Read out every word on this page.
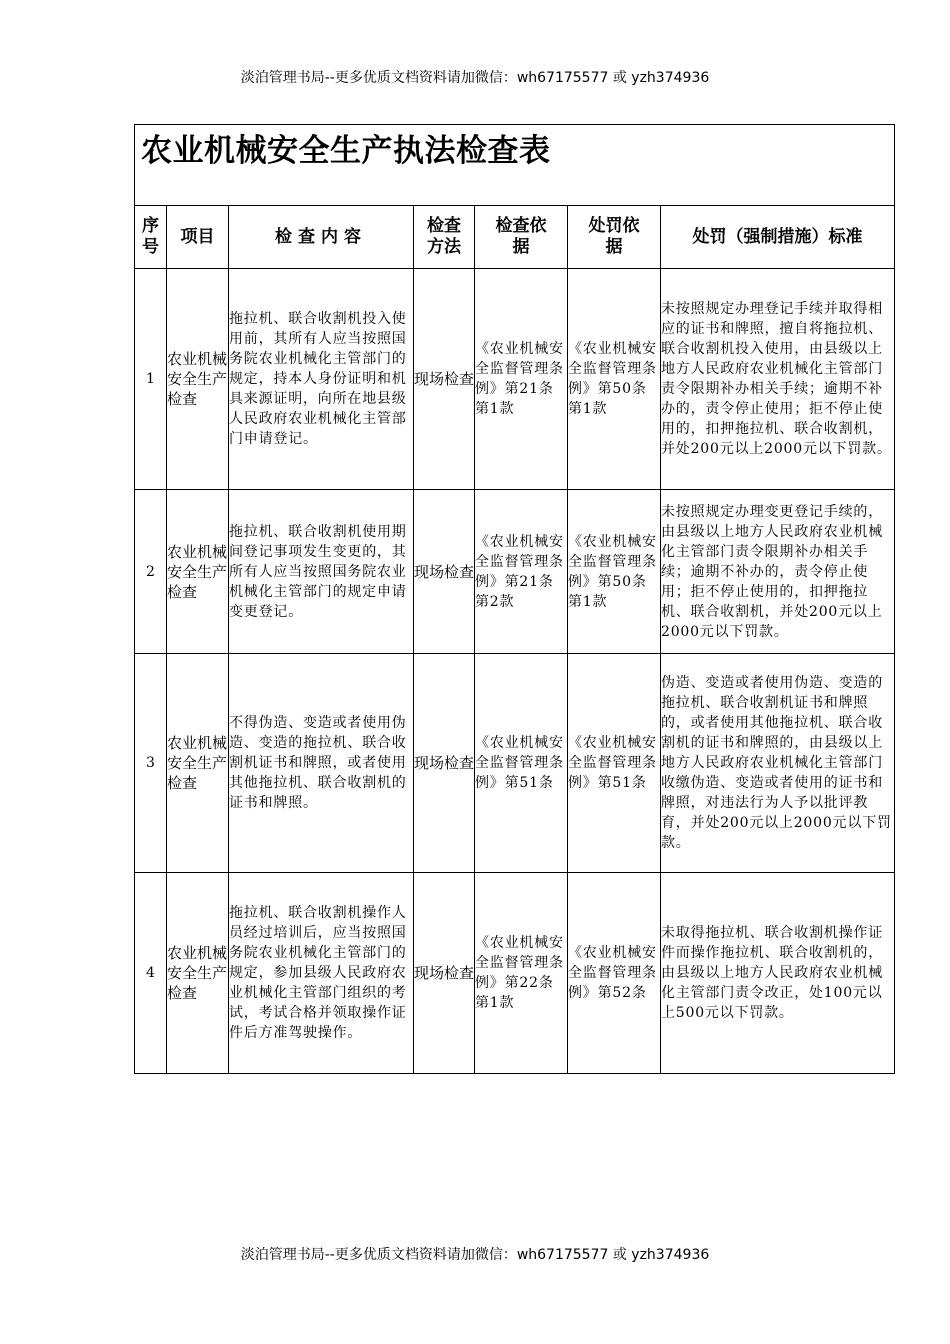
淡泊管理书局--更多优质文档资料请加微信：wh67175577 或 yzh374936
农业机械安全生产执法检查表						

序号	项目	检查内容	检查方法	检查依据	处罚依据	处罚（强制措施）标准
1	农业机械安全生产检查	拖拉机、联合收割机投入使用前，其所有人应当按照国务院农业机械化主管部门的规定，持本人身份证明和机具来源证明，向所在地县级人民政府农业机械化主管部门申请登记。	现场检查	《农业机械安全监督管理条例》第21条第1款	《农业机械安全监督管理条例》第50条第1款	未按照规定办理登记手续并取得相应的证书和牌照，擅自将拖拉机、联合收割机投入使用，由县级以上地方人民政府农业机械化主管部门责令限期补办相关手续；逾期不补办的，责令停止使用；拒不停止使用的，扣押拖拉机、联合收割机，并处200元以上2000元以下罚款。
2	农业机械安全生产检查	拖拉机、联合收割机使用期间登记事项发生变更的，其所有人应当按照国务院农业机械化主管部门的规定申请变更登记。	现场检查	《农业机械安全监督管理条例》第21条第2款	《农业机械安全监督管理条例》第50条第1款	未按照规定办理变更登记手续的，由县级以上地方人民政府农业机械化主管部门责令限期补办相关手续；逾期不补办的，责令停止使用；拒不停止使用的，扣押拖拉机、联合收割机，并处200元以上2000元以下罚款。
3	农业机械安全生产检查	不得伪造、变造或者使用伪造、变造的拖拉机、联合收割机证书和牌照，或者使用其他拖拉机、联合收割机的证书和牌照。	现场检查	《农业机械安全监督管理条例》第51条	《农业机械安全监督管理条例》第51条	伪造、变造或者使用伪造、变造的拖拉机、联合收割机证书和牌照的，或者使用其他拖拉机、联合收割机的证书和牌照的，由县级以上地方人民政府农业机械化主管部门收缴伪造、变造或者使用的证书和牌照，对违法行为人予以批评教育，并处200元以上2000元以下罚款。
4	农业机械安全生产检查	拖拉机、联合收割机操作人员经过培训后，应当按照国务院农业机械化主管部门的规定，参加县级人民政府农业机械化主管部门组织的考试，考试合格并领取操作证件后方准驾驶操作。	现场检查	《农业机械安全监督管理条例》第22条第1款	《农业机械安全监督管理条例》第52条	未取得拖拉机、联合收割机操作证件而操作拖拉机、联合收割机的，由县级以上地方人民政府农业机械化主管部门责令改正，处100元以上500元以下罚款。
淡泊管理书局--更多优质文档资料请加微信：wh67175577 或 yzh374936
